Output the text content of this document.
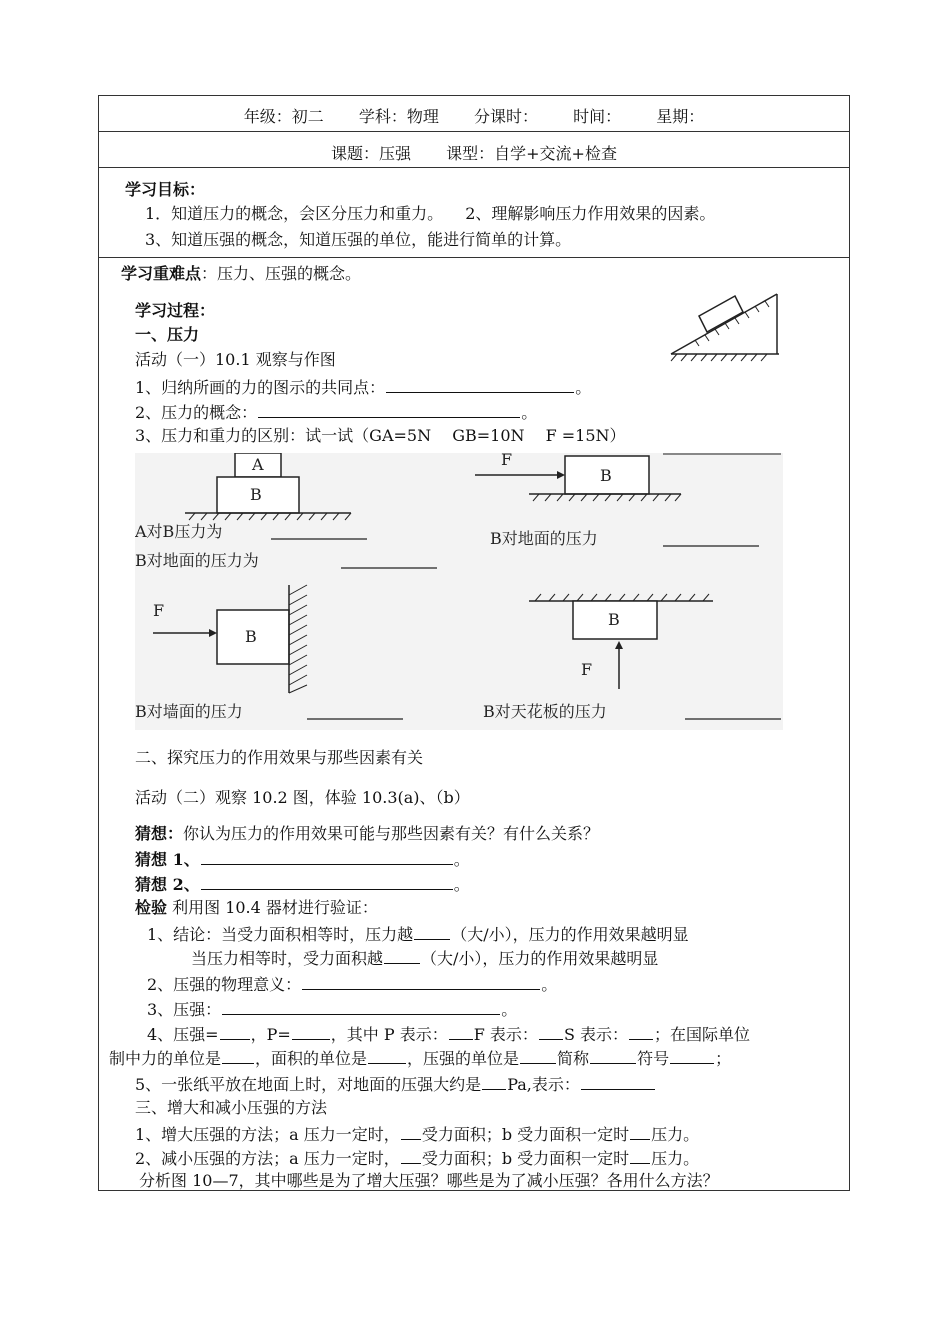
年级：初二 学科：物理 分课时： 时间： 星期：
课题：压强 课型：自学+交流+检查
学习目标：
1．知道压力的概念，会区分压力和重力。 2、理解影响压力作用效果的因素。
3、知道压强的概念，知道压强的单位，能进行简单的计算。
学习重难点：压力、压强的概念。
学习过程：
一、压力
活动（一）10.1 观察与作图
1、归纳所画的力的图示的共同点：	。
2、压力的概念：	。
3、压力和重力的区别：试一试（GA=5N　 GB=10N　 F =15N）
A
B
A对B压力为
B对地面的压力为
F
B
B对地面的压力
F
B
B对墙面的压力
B
F
B对天花板的压力
二、探究压力的作用效果与那些因素有关
活动（二）观察 10.2 图，体验 10.3(a)、（b）
猜想：你认为压力的作用效果可能与那些因素有关？有什么关系？
猜想 1、	。
猜想 2、	。
检验 利用图 10.4 器材进行验证：
1、结论：当受力面积相等时，压力越 （大/小），压力的作用效果越明显
当压力相等时，受力面积越 （大/小），压力的作用效果越明显
2、压强的物理意义：	。
3、压强：	。
4、压强= ，P=	，其中 P 表示： F 表示： S 表示： ；在国际单位
制中力的单位是 ，面积的单位是	，压强的单位是 简称	符号	；
5、一张纸平放在地面上时，对地面的压强大约是 Pa,表示：
三、增大和减小压强的方法
1、增大压强的方法；a 压力一定时， 受力面积；b 受力面积一定时 压力。
2、减小压强的方法；a 压力一定时， 受力面积；b 受力面积一定时 压力。
分析图 10—7，其中哪些是为了增大压强？哪些是为了减小压强？各用什么方法？
